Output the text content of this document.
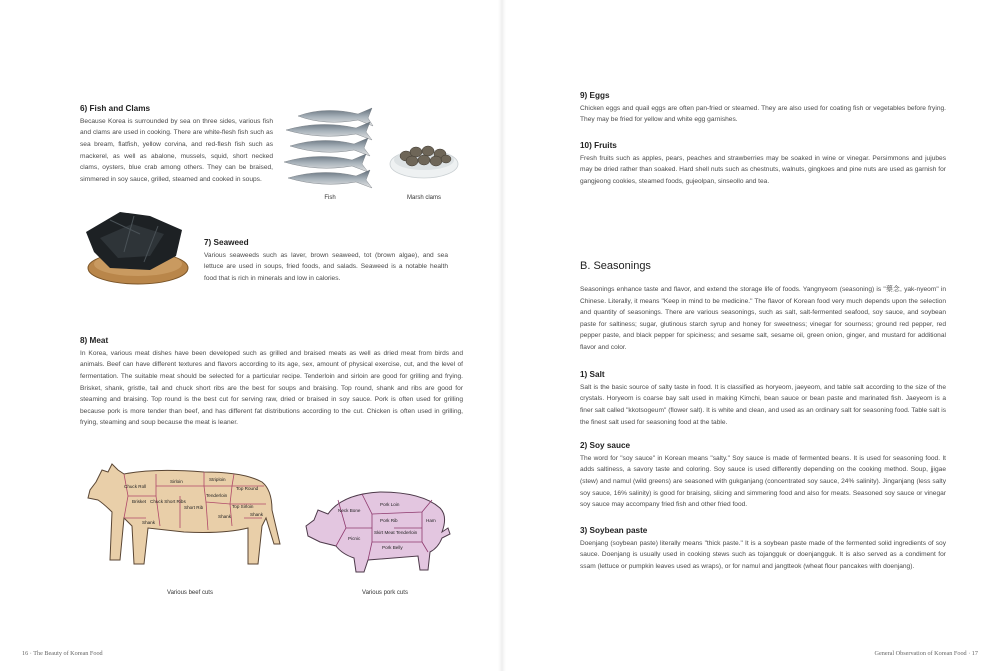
6) Fish and Clams

Because Korea is surrounded by sea on three sides, various fish and clams are used in cooking. There are white-flesh fish such as sea bream, flatfish, yellow corvina, and red-flesh fish such as mackerel, as well as abalone, mussels, squid, short necked clams, oysters, blue crab among others. They can be braised, simmered in soy sauce, grilled, steamed and cooked in soups.

Fish	Marsh clams

7) Seaweed

Various seaweeds such as laver, brown seaweed, tot (brown algae), and sea lettuce are used in soups, fried foods, and salads. Seaweed is a notable health food that is rich in minerals and low in calories.

8) Meat

In Korea, various meat dishes have been developed such as grilled and braised meats as well as dried meat from birds and animals. Beef can have different textures and flavors according to its age, sex, amount of physical exercise, cut, and the level of fermentation. The suitable meat should be selected for a particular recipe. Tenderloin and sirloin are good for grilling and frying. Brisket, shank, gristle, tail and chuck short ribs are the best for soups and braising. Top round, shank and ribs are good for steaming and braising. Top round is the best cut for serving raw, dried or braised in soy sauce. Pork is often used for grilling because pork is more tender than beef, and has different fat distributions according to the cut. Chicken is often used in grilling, frying, steaming and soup because the meat is leaner.

Chuck Roll
Sirloin	Striploin
Top Round
Tenderloin
Brisket Chuck Short Ribs
Short Rib	Top Sirloin
Shank
Shank	Shank
Various beef cuts
Pork Loin
Neck Bone
Pork Rib	Ham
Picnic
Skirt Meat Tenderloin
Pork Belly
Various pork cuts
16 · The Beauty of Korean Food

9) Eggs

Chicken eggs and quail eggs are often pan-fried or steamed. They are also used for coating fish or vegetables before frying. They may be fried for yellow and white egg garnishes.

10) Fruits

Fresh fruits such as apples, pears, peaches and strawberries may be soaked in wine or vinegar. Persimmons and jujubes may be dried rather than soaked. Hard shell nuts such as chestnuts, walnuts, gingkoes and pine nuts are used as garnish for gangjeong cookies, steamed foods, gujeolpan, sinseollo and tea.

B. Seasonings

Seasonings enhance taste and flavor, and extend the storage life of foods. Yangnyeom (seasoning) is "藥念, yak-nyeom" in Chinese. Literally, it means "Keep in mind to be medicine." The flavor of Korean food very much depends upon the selection and quantity of seasonings. There are various seasonings, such as salt, salt-fermented seafood, soy sauce, and soybean paste for saltiness; sugar, glutinous starch syrup and honey for sweetness; vinegar for sourness; ground red pepper, red pepper paste, and black pepper for spiciness; and sesame salt, sesame oil, green onion, ginger, and mustard for additional flavor and color.

1) Salt

Salt is the basic source of salty taste in food. It is classified as horyeom, jaeyeom, and table salt according to the size of the crystals. Horyeom is coarse bay salt used in making Kimchi, bean sauce or bean paste and marinated fish. Jaeyeom is a finer salt called "kkotsogeum" (flower salt). It is white and clean, and used as an ordinary salt for seasoning food. Table salt is the finest salt used for seasoning food at the table.

2) Soy sauce

The word for "soy sauce" in Korean means "salty." Soy sauce is made of fermented beans. It is used for seasoning food. It adds saltiness, a savory taste and coloring. Soy sauce is used differently depending on the cooking method. Soup, jjigae (stew) and namul (wild greens) are seasoned with gukganjang (concentrated soy sauce, 24% salinity). Jinganjang (less salty soy sauce, 16% salinity) is good for braising, slicing and simmering food and also for meats. Seasoned soy sauce or vinegar soy sauce may accompany fried fish and other fried food.

3) Soybean paste

Doenjang (soybean paste) literally means "thick paste." It is a soybean paste made of the fermented solid ingredients of soy sauce. Doenjang is usually used in cooking stews such as tojangguk or doenjangguk. It is also served as a condiment for ssam (lettuce or pumpkin leaves used as wraps), or for namul and jangtteok (wheat flour pancakes with doenjang).

General Observation of Korean Food · 17
